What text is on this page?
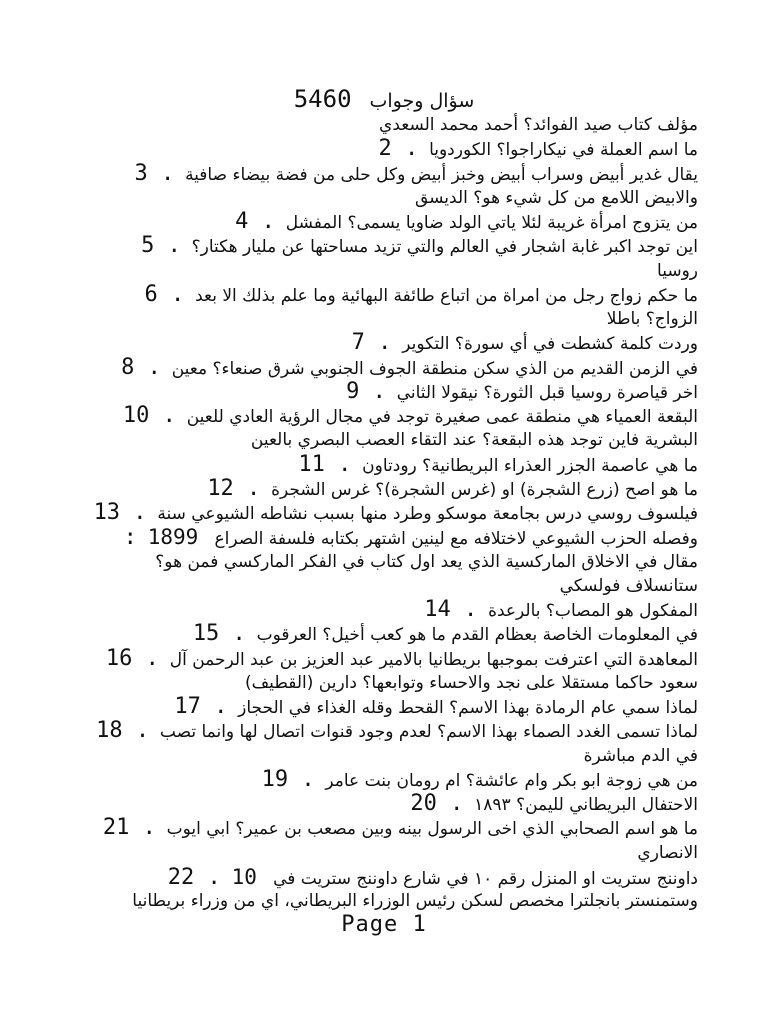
سؤال وجواب5460
مؤلف كتاب صيد الفوائد؟ أحمد محمد السعدي
ما اسم العملة في نيكاراجوا؟ الكوردويا  2 .
يقال غدير أبيض وسراب أبيض وخبز أبيض وكل حلى من فضة بيضاء صافية  3 .
والابيض اللامع من كل شيء هو؟ الديسق
من يتزوج امرأة غريبة لئلا ياتي الولد ضاويا يسمى؟ المفشل  4 .
اين توجد اكبر غابة اشجار في العالم والتي تزيد مساحتها عن مليار هكتار؟  5 .
روسيا
ما حكم زواج رجل من امراة من اتباع طائفة البهائية وما علم بذلك الا بعد  6 .
الزواج؟ باطلا
وردت كلمة كشطت في أي سورة؟ التكوير  7 .
في الزمن القديم من الذي سكن منطقة الجوف الجنوبي شرق صنعاء؟ معين  8 .
اخر قياصرة روسيا قبل الثورة؟ نيقولا الثاني  9 .
البقعة العمياء هي منطقة عمى صغيرة توجد في مجال الرؤية العادي للعين  10 .
البشرية فاين توجد هذه البقعة؟ عند التقاء العصب البصري بالعين
ما هي عاصمة الجزر العذراء البريطانية؟ رودتاون  11 .
ما هو اصح (زرع الشجرة) او (غرس الشجرة)؟ غرس الشجرة  12 .
فيلسوف روسي درس بجامعة موسكو وطرد منها بسبب نشاطه الشيوعي سنة  13 .
وفصله الحزب الشيوعي لاختلافه مع لينين اشتهر بكتابه فلسفة الصراع   1899  :
مقال في الاخلاق الماركسية الذي يعد اول كتاب في الفكر الماركسي فمن هو؟
ستانسلاف فولسكي
المفكول هو المصاب؟ بالرعدة  14 .
في المعلومات الخاصة بعظام القدم ما هو كعب أخيل؟ العرقوب  15 .
المعاهدة التي اعترفت بموجبها بريطانيا بالامير عبد العزيز بن عبد الرحمن آل  16 .
سعود حاكما مستقلا على نجد والاحساء وتوابعها؟ دارين (القطيف)
لماذا سمي عام الرمادة بهذا الاسم؟ القحط وقله الغذاء في الحجاز  17 .
لماذا تسمى الغدد الصماء بهذا الاسم؟ لعدم وجود قنوات اتصال لها وانما تصب  18 .
في الدم مباشرة
من هي زوجة ابو بكر وام عائشة؟ ام رومان بنت عامر  19 .
الاحتفال البريطاني لليمن؟ ١٨٩٣  20 .
ما هو اسم الصحابي الذي اخى الرسول بينه وبين مصعب بن عمير؟ ابي ايوب  21 .
الانصاري
داوننج ستريت او المنزل رقم ١٠ في شارع داوننج ستريت في   10  22 .
وستمنستر بانجلترا مخصص لسكن رئيس الوزراء البريطاني، اي من وزراء بريطانيا
Page 1
